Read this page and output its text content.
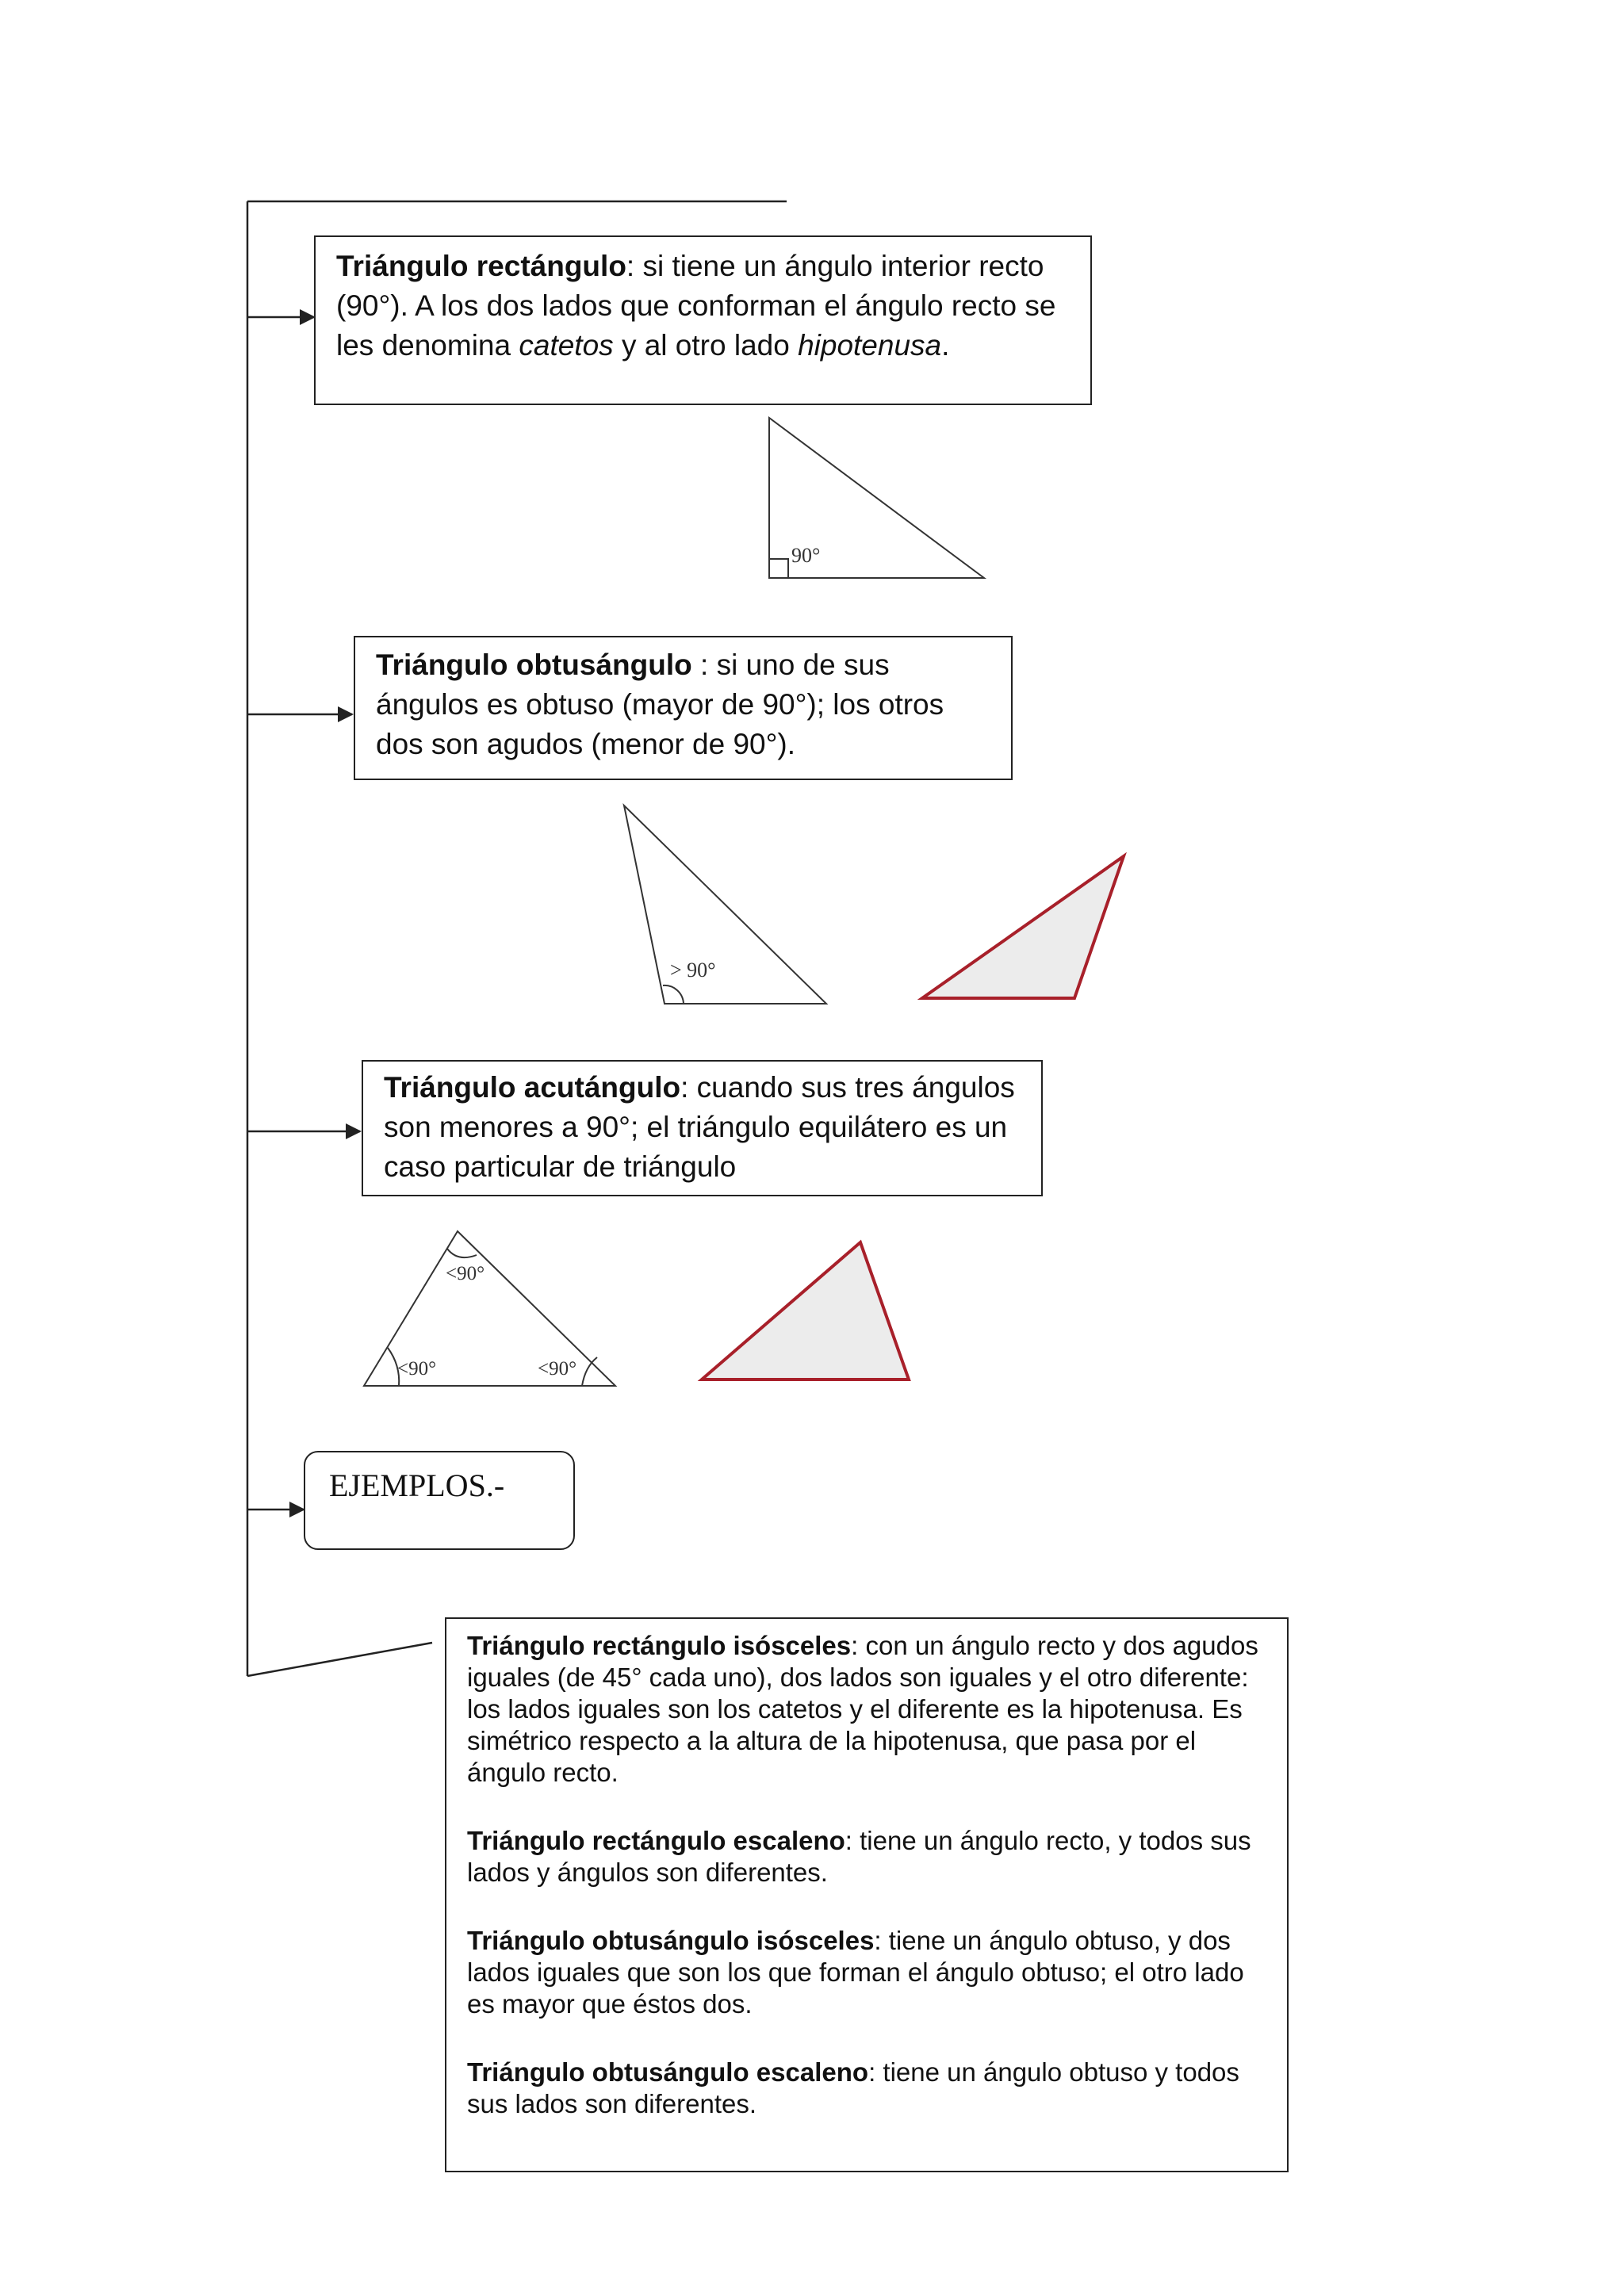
90°
> 90°
<90°
<90°	<90°
Triángulo rectángulo: si tiene un ángulo interior recto (90°). A los dos lados que conforman el ángulo recto se les denomina catetos y al otro lado hipotenusa.
Triángulo obtusángulo : si uno de sus ángulos es obtuso (mayor de 90°); los otros dos son agudos (menor de 90°).
Triángulo acutángulo: cuando sus tres ángulos son menores a 90°; el triángulo equilátero es un caso particular de triángulo
EJEMPLOS.-

Triángulo rectángulo isósceles: con un ángulo recto y dos agudos iguales (de 45° cada uno), dos lados son iguales y el otro diferente: los lados iguales son los catetos y el diferente es la hipotenusa. Es simétrico respecto a la altura de la hipotenusa, que pasa por el ángulo recto.

Triángulo rectángulo escaleno: tiene un ángulo recto, y todos sus lados y ángulos son diferentes.

Triángulo obtusángulo isósceles: tiene un ángulo obtuso, y dos lados iguales que son los que forman el ángulo obtuso; el otro lado es mayor que éstos dos.

Triángulo obtusángulo escaleno: tiene un ángulo obtuso y todos sus lados son diferentes.
